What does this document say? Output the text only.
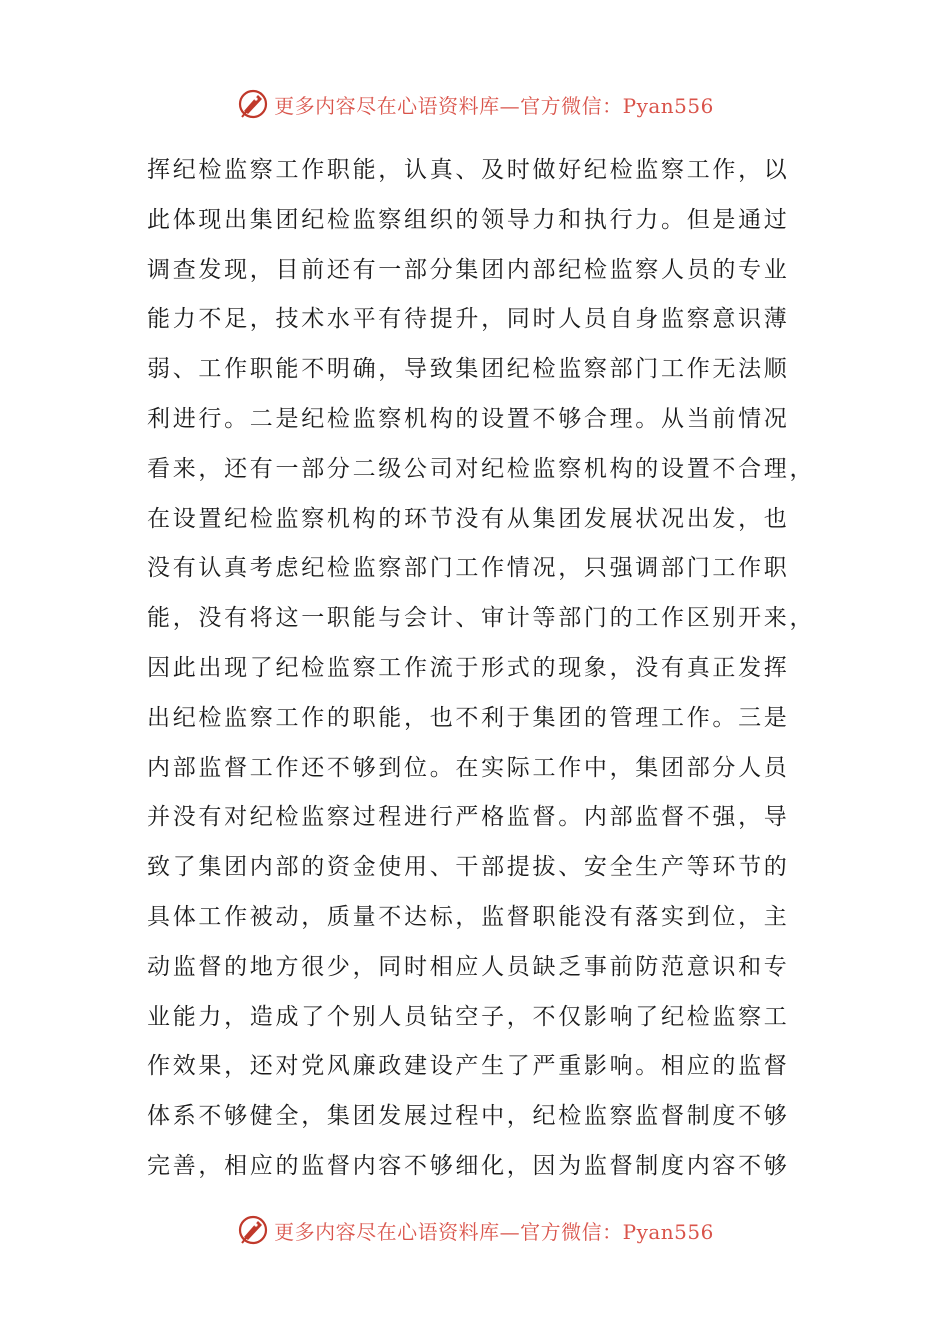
更多内容尽在心语资料库—官方微信：Pyan556
挥纪检监察工作职能，认真、及时做好纪检监察工作，以
此体现出集团纪检监察组织的领导力和执行力。但是通过
调查发现，目前还有一部分集团内部纪检监察人员的专业
能力不足，技术水平有待提升，同时人员自身监察意识薄
弱、工作职能不明确，导致集团纪检监察部门工作无法顺
利进行。二是纪检监察机构的设置不够合理。从当前情况
看来，还有一部分二级公司对纪检监察机构的设置不合理，
在设置纪检监察机构的环节没有从集团发展状况出发，也
没有认真考虑纪检监察部门工作情况，只强调部门工作职
能，没有将这一职能与会计、审计等部门的工作区别开来，
因此出现了纪检监察工作流于形式的现象，没有真正发挥
出纪检监察工作的职能，也不利于集团的管理工作。三是
内部监督工作还不够到位。在实际工作中，集团部分人员
并没有对纪检监察过程进行严格监督。内部监督不强，导
致了集团内部的资金使用、干部提拔、安全生产等环节的
具体工作被动，质量不达标，监督职能没有落实到位，主
动监督的地方很少，同时相应人员缺乏事前防范意识和专
业能力，造成了个别人员钻空子，不仅影响了纪检监察工
作效果，还对党风廉政建设产生了严重影响。相应的监督
体系不够健全，集团发展过程中，纪检监察监督制度不够
完善，相应的监督内容不够细化，因为监督制度内容不够
更多内容尽在心语资料库—官方微信：Pyan556
